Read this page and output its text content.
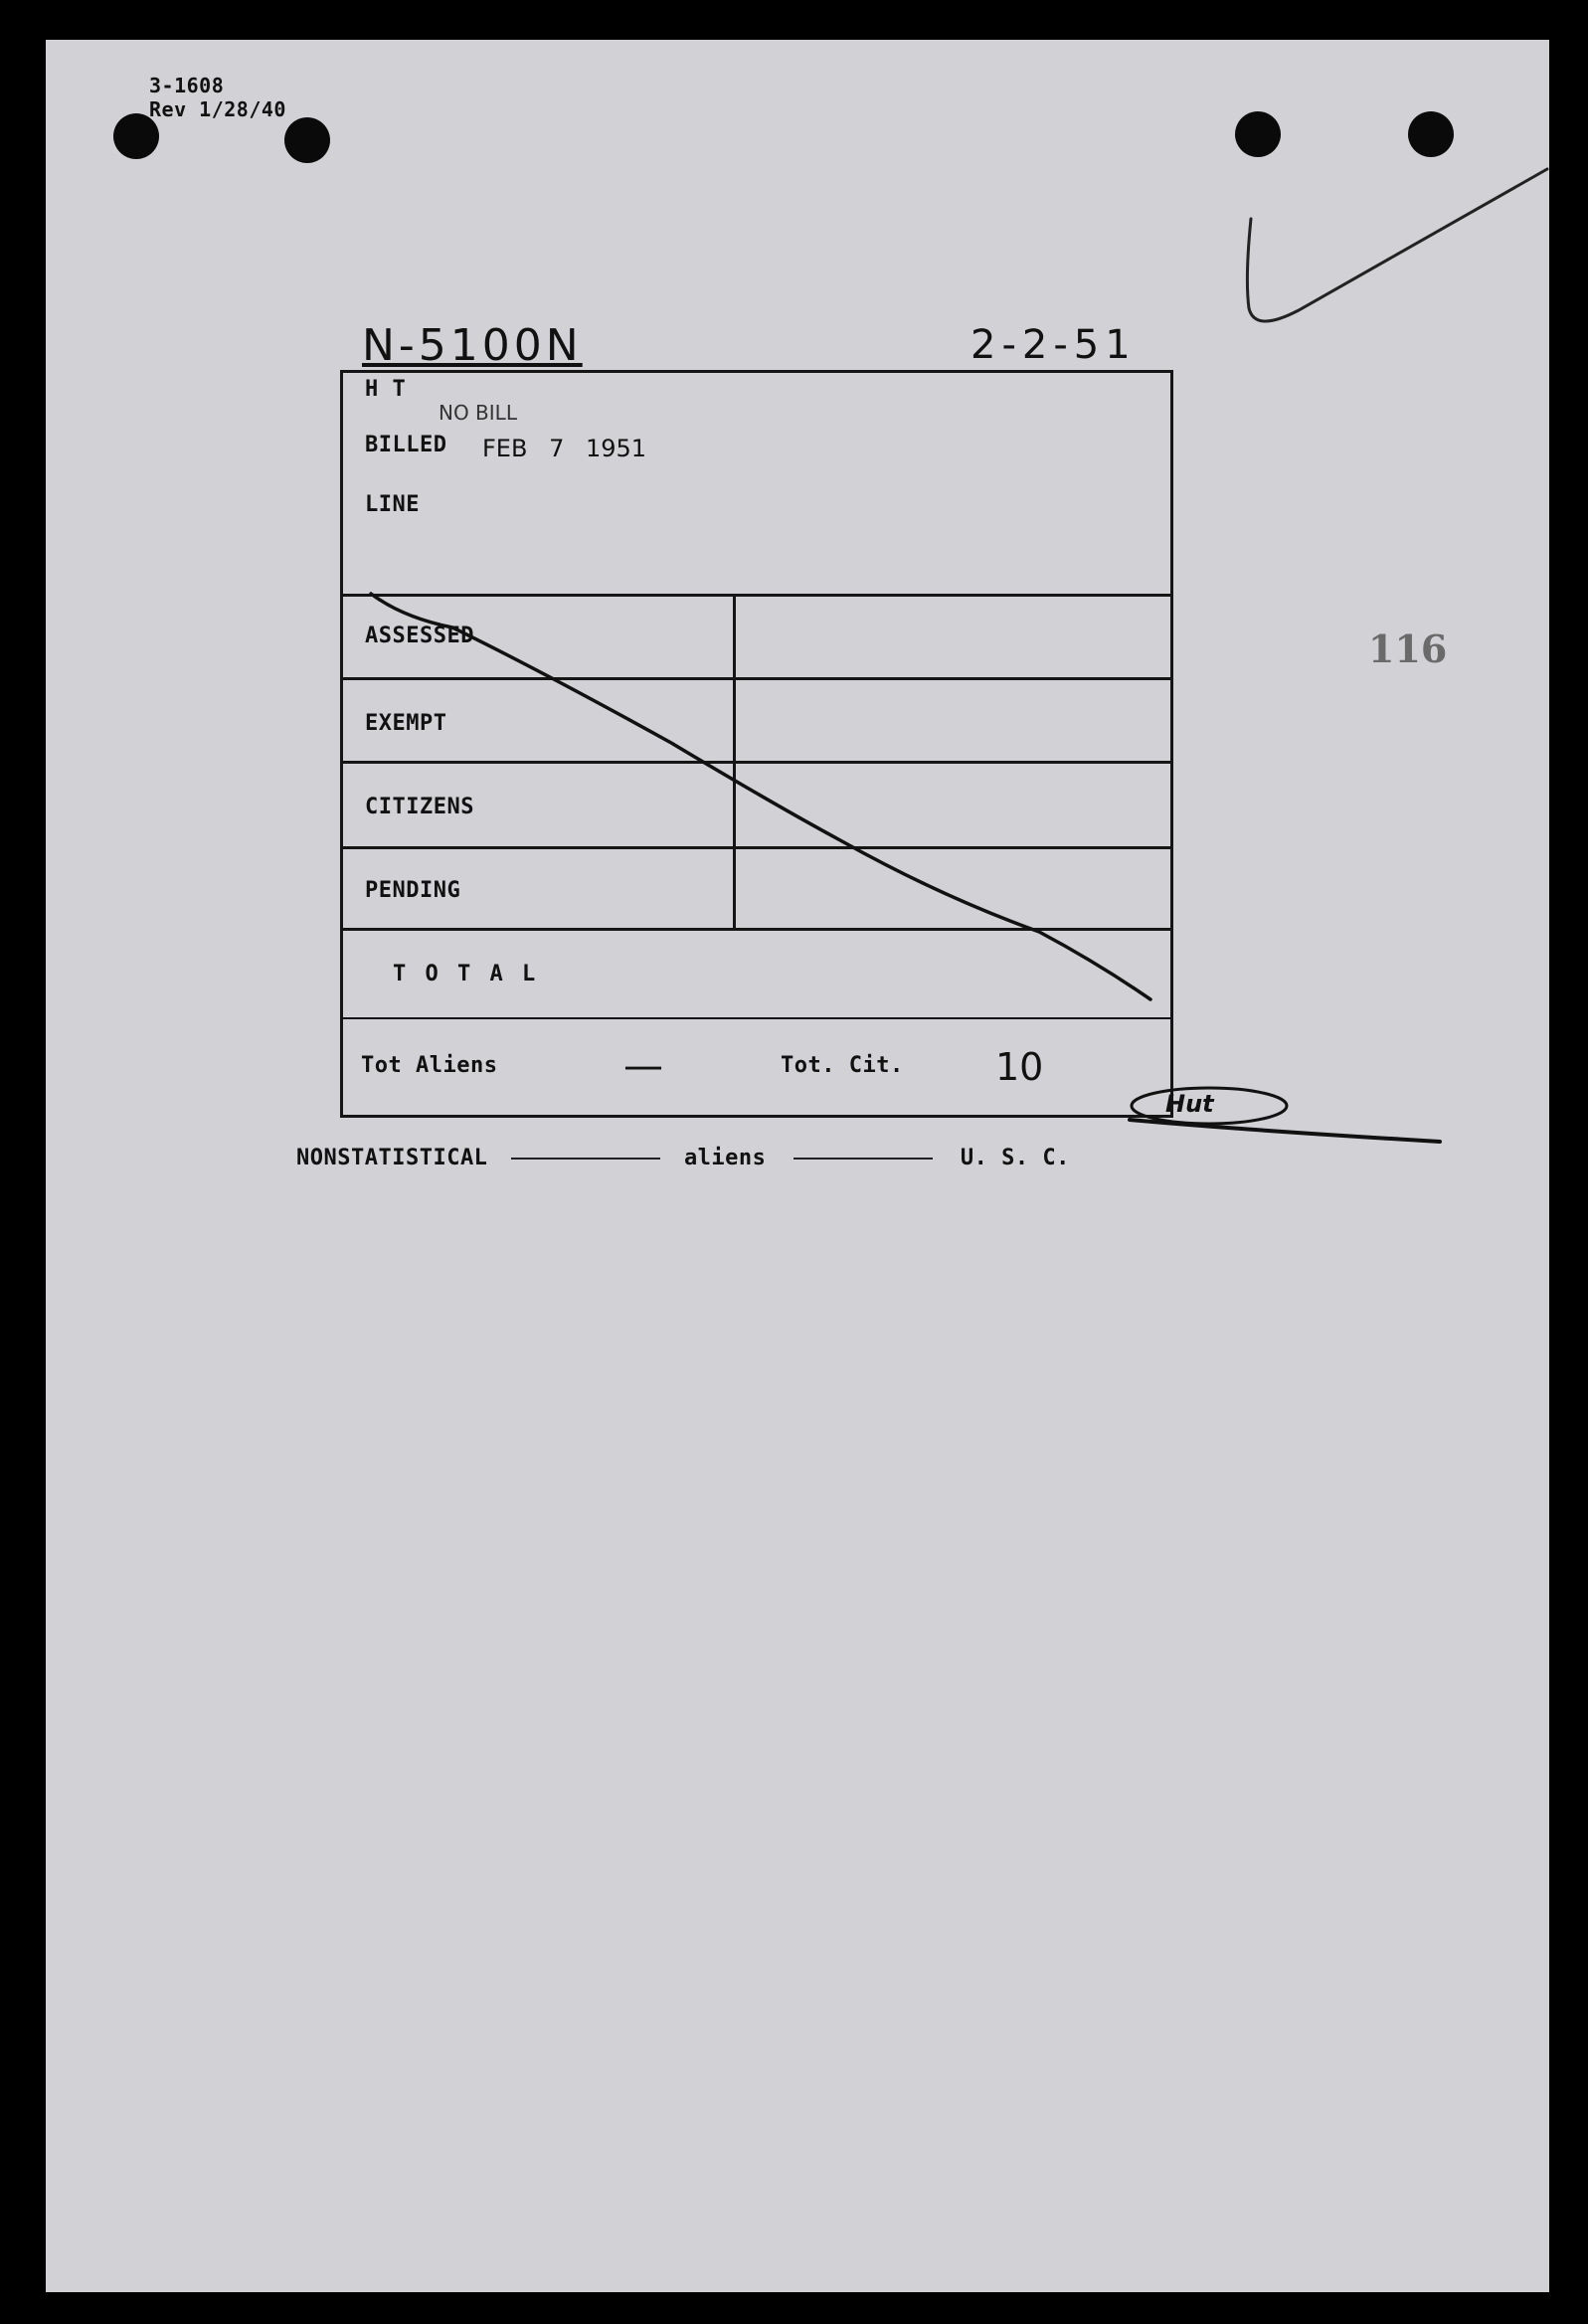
3-1608
Rev 1/28/40
116
N-5100N	2-2-51
H T
NO BILL
BILLED FEB 7 1951
LINE
ASSESSED
EXEMPT
CITIZENS
PENDING
T O T A L
Tot Aliens	—	Tot. Cit. 10
Hut
NONSTATISTICAL	aliens	U. S. C.
